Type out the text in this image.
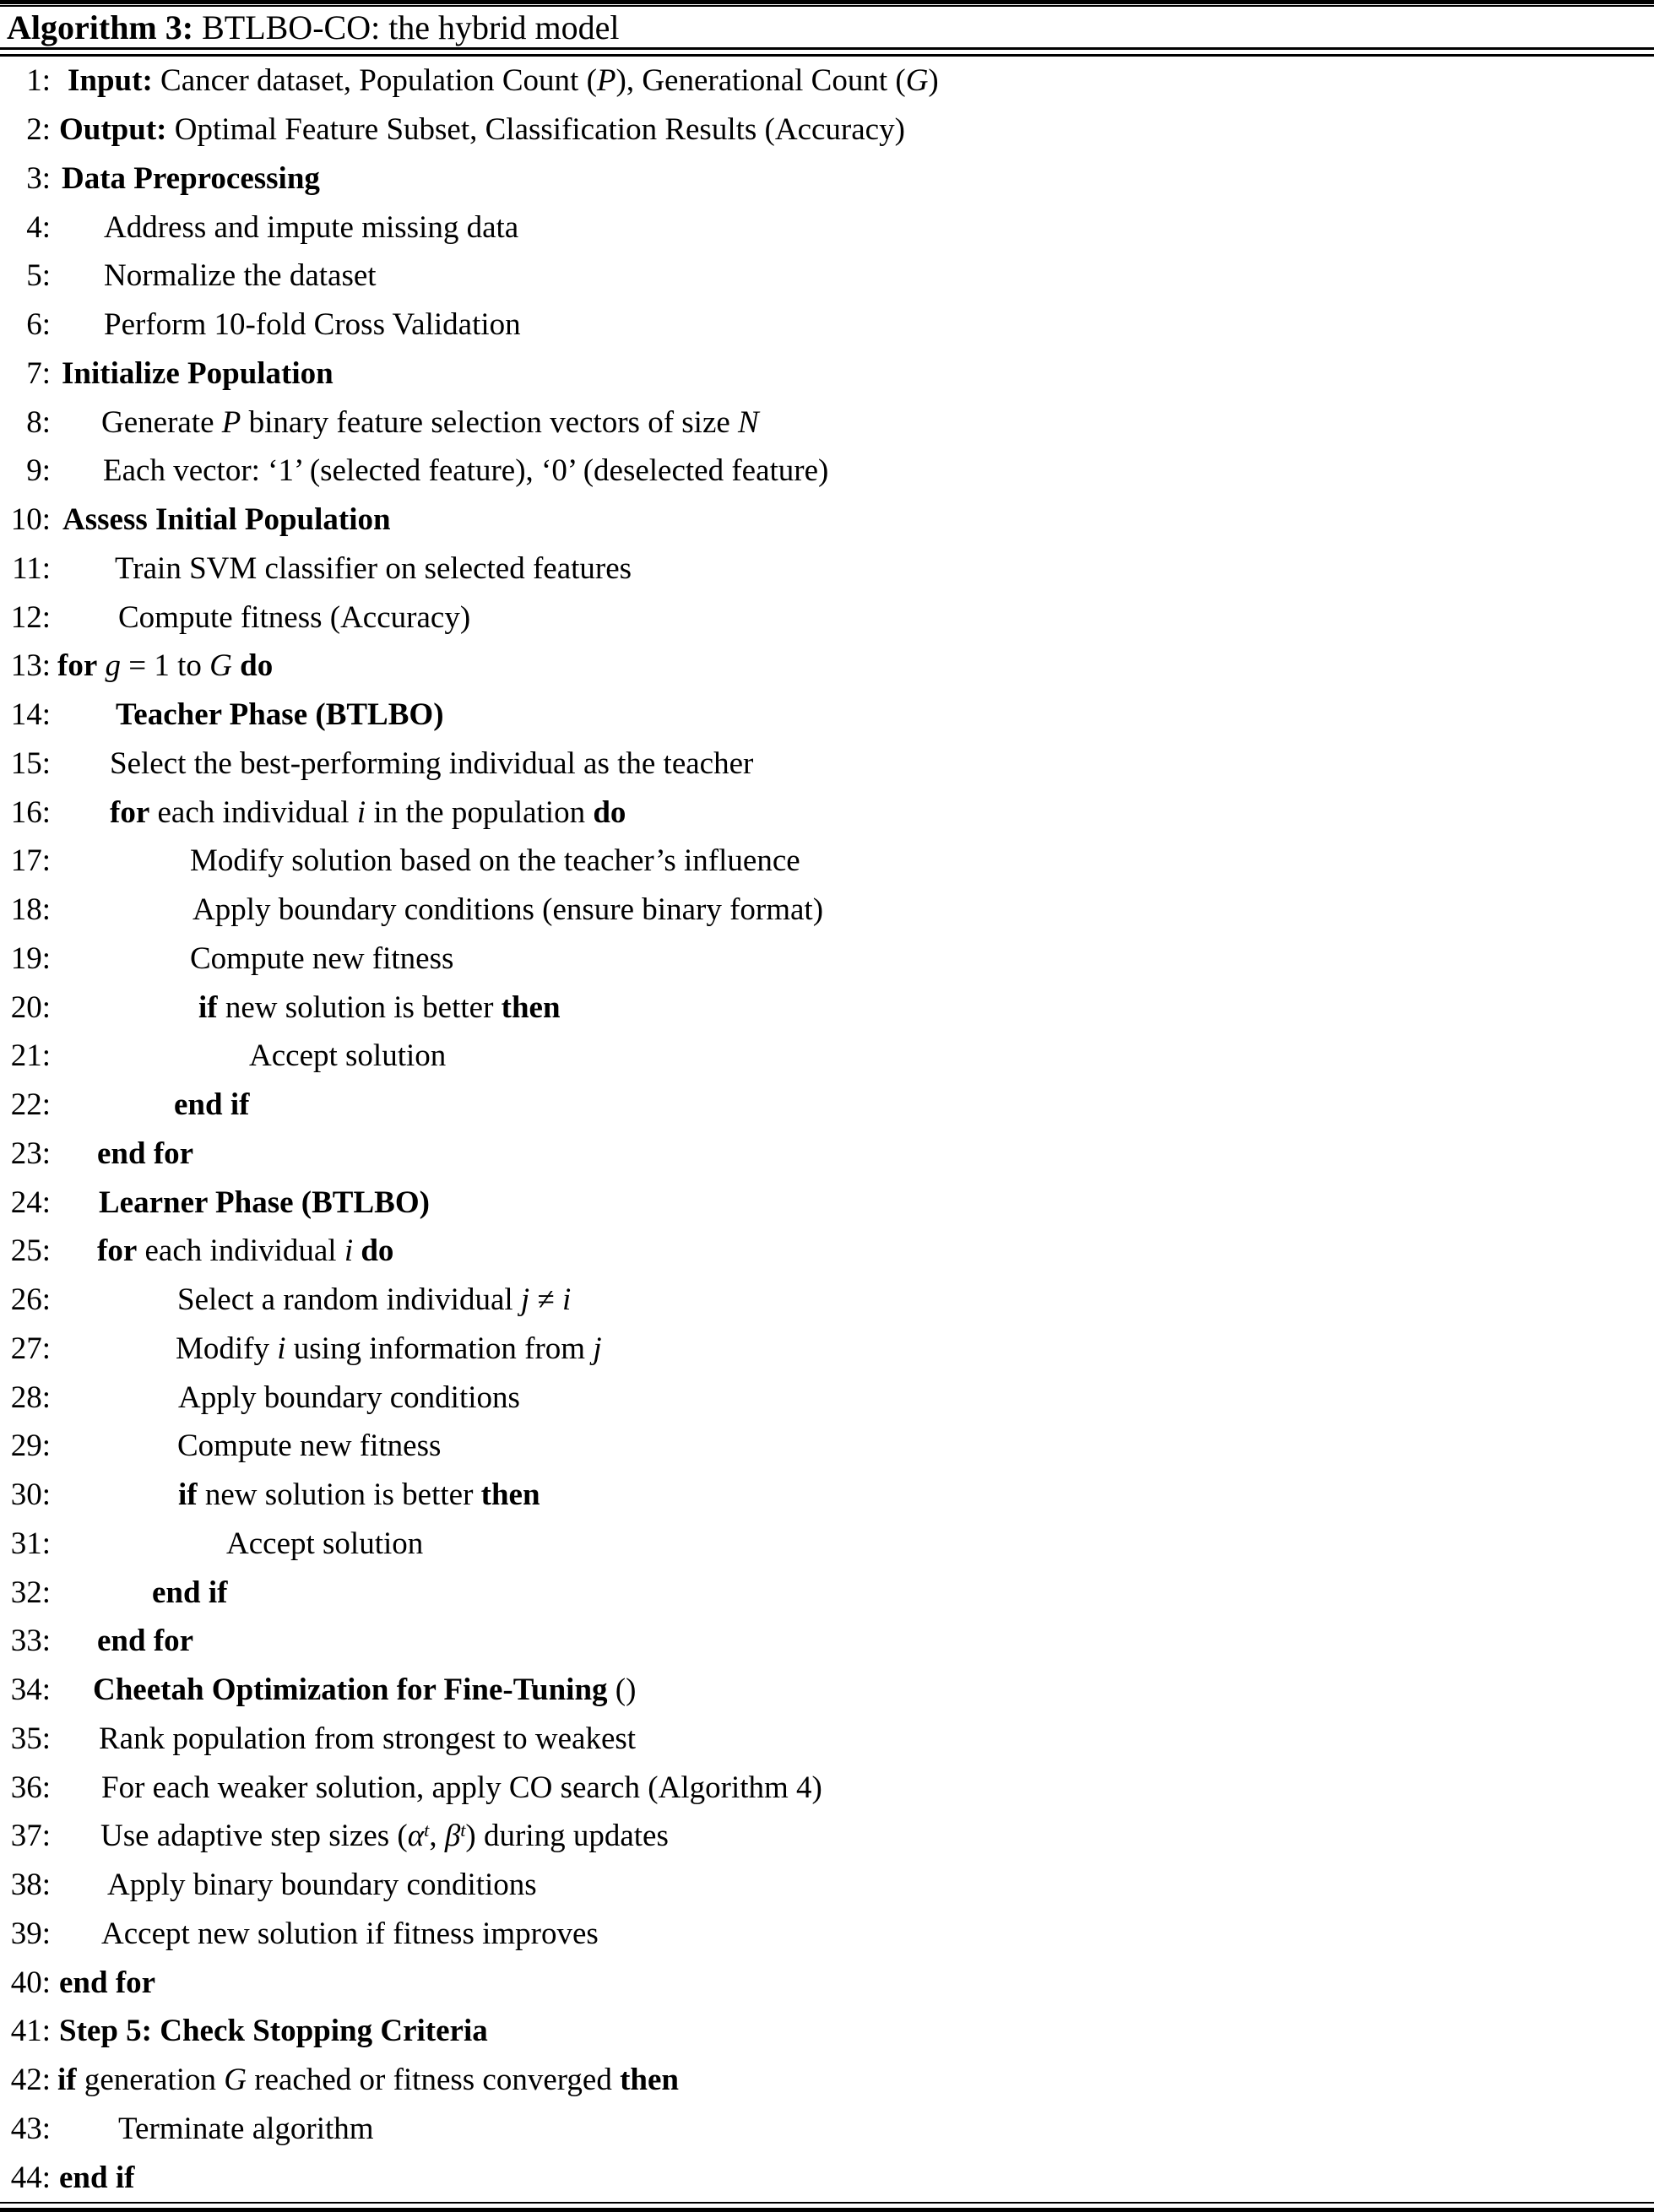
Algorithm 3: BTLBO-CO: the hybrid model
1: Input: Cancer dataset, Population Count (P), Generational Count (G)
2: Output: Optimal Feature Subset, Classification Results (Accuracy)
3: Data Preprocessing
4: Address and impute missing data
5: Normalize the dataset
6: Perform 10-fold Cross Validation
7: Initialize Population
8: Generate P binary feature selection vectors of size N
9: Each vector: ‘1’ (selected feature), ‘0’ (deselected feature)
10: Assess Initial Population
11: Train SVM classifier on selected features
12: Compute fitness (Accuracy)
13: for g = 1 to G do
14: Teacher Phase (BTLBO)
15: Select the best-performing individual as the teacher
16: for each individual i in the population do
17:	Modify solution based on the teacher’s influence
18:	Apply boundary conditions (ensure binary format)
19:	Compute new fitness
20:	if new solution is better then
21:	Accept solution
22:	end if
23: end for
24: Learner Phase (BTLBO)
25: for each individual i do
26:	Select a random individual j ≠ i
27:	Modify i using information from j
28:	Apply boundary conditions
29:	Compute new fitness
30:	if new solution is better then
31:	Accept solution
32:	end if
33: end for
34: Cheetah Optimization for Fine-Tuning ()
35: Rank population from strongest to weakest
36: For each weaker solution, apply CO search (Algorithm 4)
37: Use adaptive step sizes ($\alpha^t$, $\beta^t$) during updates
38: Apply binary boundary conditions
39: Accept new solution if fitness improves
40: end for
41: Step 5: Check Stopping Criteria
42: if generation G reached or fitness converged then
43: Terminate algorithm
44: end if
